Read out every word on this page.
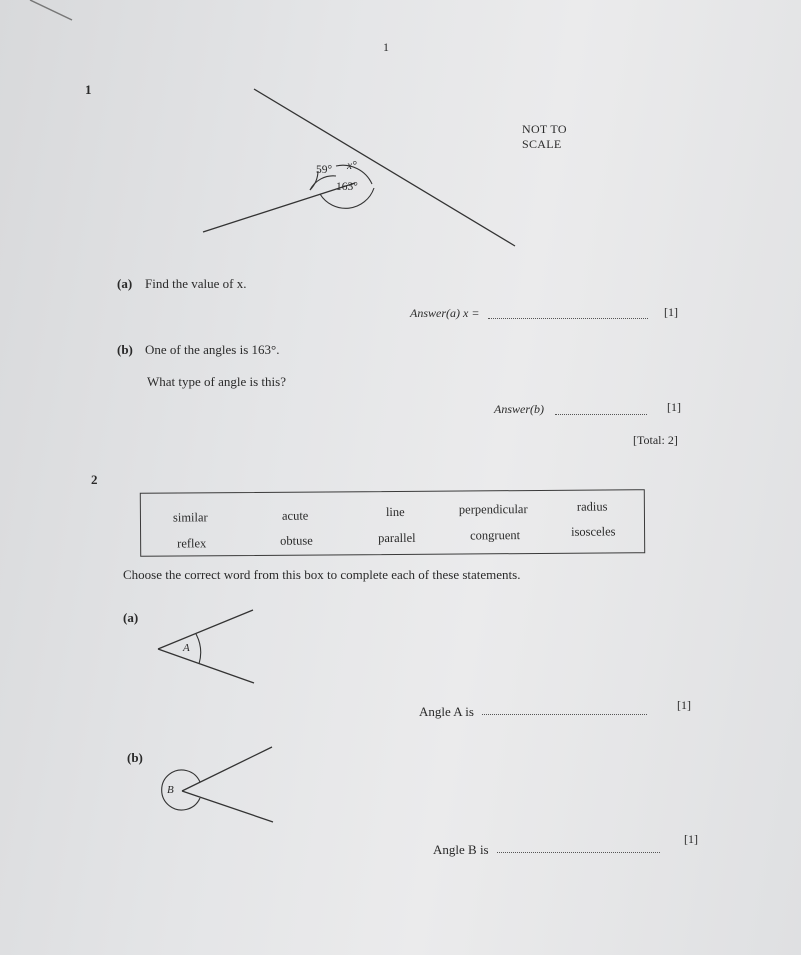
1
1
NOT TO
SCALE
59° x°
163°
(a) Find the value of x.
Answer(a) x =	[1]
(b) One of the angles is 163°.
What type of angle is this?
Answer(b)	[1]
[Total: 2]
2
similar	acute	line	perpendicular	radius
reflex	obtuse	parallel	congruent	isosceles
Choose the correct word from this box to complete each of these statements.
(a)
A
Angle A is	[1]
(b)
B
Angle B is
[1]
